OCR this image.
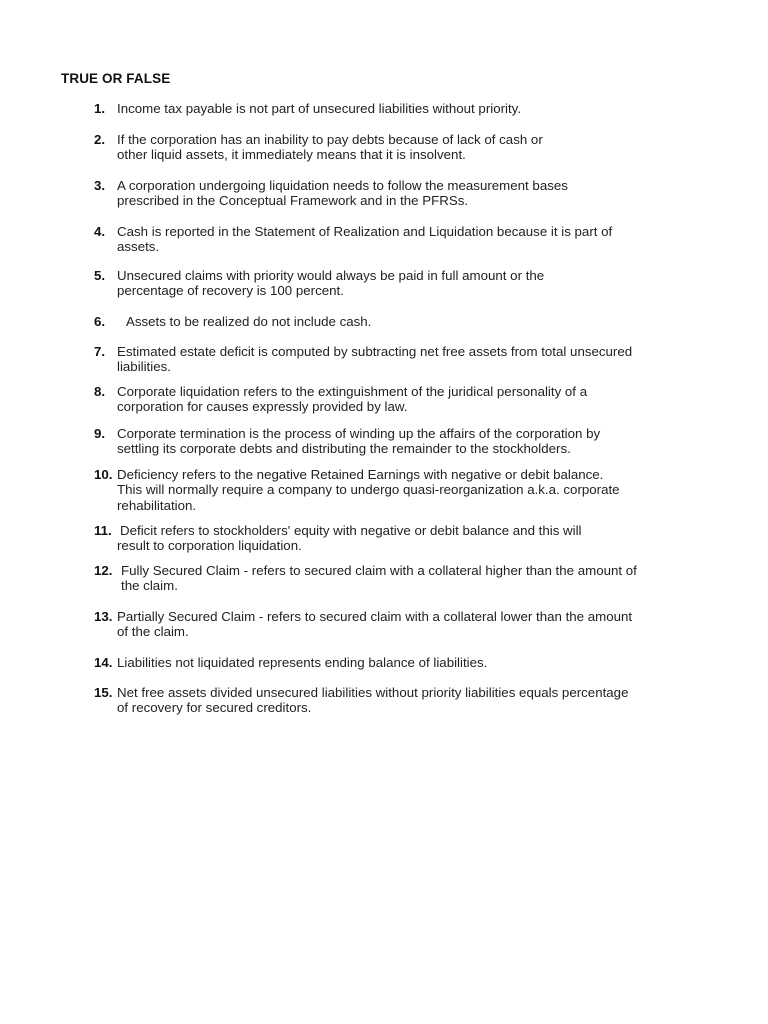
TRUE OR FALSE
1. Income tax payable is not part of unsecured liabilities without priority.
2. If the corporation has an inability to pay debts because of lack of cash or
other liquid assets, it immediately means that it is insolvent.
3. A corporation undergoing liquidation needs to follow the measurement bases
prescribed in the Conceptual Framework and in the PFRSs.
4. Cash is reported in the Statement of Realization and Liquidation because it is part of
assets.
5. Unsecured claims with priority would always be paid in full amount or the
percentage of recovery is 100 percent.
6. Assets to be realized do not include cash.
7. Estimated estate deficit is computed by subtracting net free assets from total unsecured
liabilities.
8. Corporate liquidation refers to the extinguishment of the juridical personality of a
corporation for causes expressly provided by law.
9. Corporate termination is the process of winding up the affairs of the corporation by
settling its corporate debts and distributing the remainder to the stockholders.
10. Deficiency refers to the negative Retained Earnings with negative or debit balance.
This will normally require a company to undergo quasi-reorganization a.k.a. corporate
rehabilitation.
11. Deficit refers to stockholders' equity with negative or debit balance and this will
result to corporation liquidation.
12. Fully Secured Claim - refers to secured claim with a collateral higher than the amount of
the claim.
13. Partially Secured Claim - refers to secured claim with a collateral lower than the amount
of the claim.
14. Liabilities not liquidated represents ending balance of liabilities.
15. Net free assets divided unsecured liabilities without priority liabilities equals percentage
of recovery for secured creditors.
